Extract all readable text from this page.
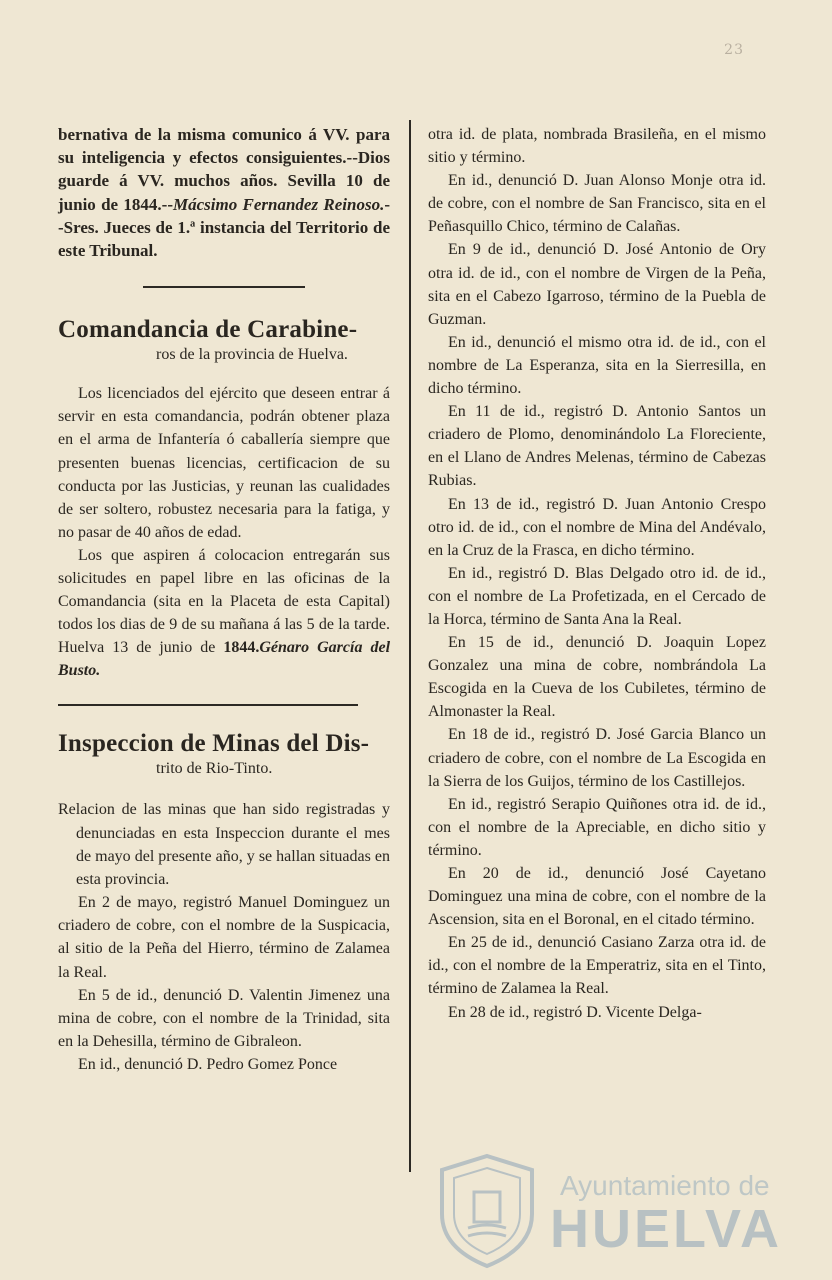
23

bernativa de la misma comunico á VV. para su inteligencia y efectos consiguientes.--Dios guarde á VV. muchos años. Sevilla 10 de junio de 1844.--Mácsimo Fernandez Reinoso.--Sres. Jueces de 1.ª instancia del Territorio de este Tribunal.

Comandancia de Carabine-

ros de la provincia de Huelva.

Los licenciados del ejército que deseen entrar á servir en esta comandancia, podrán obtener plaza en el arma de Infantería ó caballería siempre que presenten buenas licencias, certificacion de su conducta por las Justicias, y reunan las cualidades de ser soltero, robustez necesaria para la fatiga, y no pasar de 40 años de edad.

Los que aspiren á colocacion entregarán sus solicitudes en papel libre en las oficinas de la Comandancia (sita en la Placeta de esta Capital) todos los dias de 9 de su mañana á las 5 de la tarde. Huelva 13 de junio de 1844.Génaro García del Busto.

Inspeccion de Minas del Dis-

trito de Rio-Tinto.

Relacion de las minas que han sido registradas y denunciadas en esta Inspeccion durante el mes de mayo del presente año, y se hallan situadas en esta provincia.

En 2 de mayo, registró Manuel Dominguez un criadero de cobre, con el nombre de la Suspicacia, al sitio de la Peña del Hierro, término de Zalamea la Real.

En 5 de id., denunció D. Valentin Jimenez una mina de cobre, con el nombre de la Trinidad, sita en la Dehesilla, término de Gibraleon.

En id., denunció D. Pedro Gomez Ponce

otra id. de plata, nombrada Brasileña, en el mismo sitio y término.

En id., denunció D. Juan Alonso Monje otra id. de cobre, con el nombre de San Francisco, sita en el Peñasquillo Chico, término de Calañas.

En 9 de id., denunció D. José Antonio de Ory otra id. de id., con el nombre de Virgen de la Peña, sita en el Cabezo Igarroso, término de la Puebla de Guzman.

En id., denunció el mismo otra id. de id., con el nombre de La Esperanza, sita en la Sierresilla, en dicho término.

En 11 de id., registró D. Antonio Santos un criadero de Plomo, denominándolo La Floreciente, en el Llano de Andres Melenas, término de Cabezas Rubias.

En 13 de id., registró D. Juan Antonio Crespo otro id. de id., con el nombre de Mina del Andévalo, en la Cruz de la Frasca, en dicho término.

En id., registró D. Blas Delgado otro id. de id., con el nombre de La Profetizada, en el Cercado de la Horca, término de Santa Ana la Real.

En 15 de id., denunció D. Joaquin Lopez Gonzalez una mina de cobre, nombrándola La Escogida en la Cueva de los Cubiletes, término de Almonaster la Real.

En 18 de id., registró D. José Garcia Blanco un criadero de cobre, con el nombre de La Escogida en la Sierra de los Guijos, término de los Castillejos.

En id., registró Serapio Quiñones otra id. de id., con el nombre de la Apreciable, en dicho sitio y término.

En 20 de id., denunció José Cayetano Dominguez una mina de cobre, con el nombre de la Ascension, sita en el Boronal, en el citado término.

En 25 de id., denunció Casiano Zarza otra id. de id., con el nombre de la Emperatriz, sita en el Tinto, término de Zalamea la Real.

En 28 de id., registró D. Vicente Delga-

Ayuntamiento de
HUELVA
